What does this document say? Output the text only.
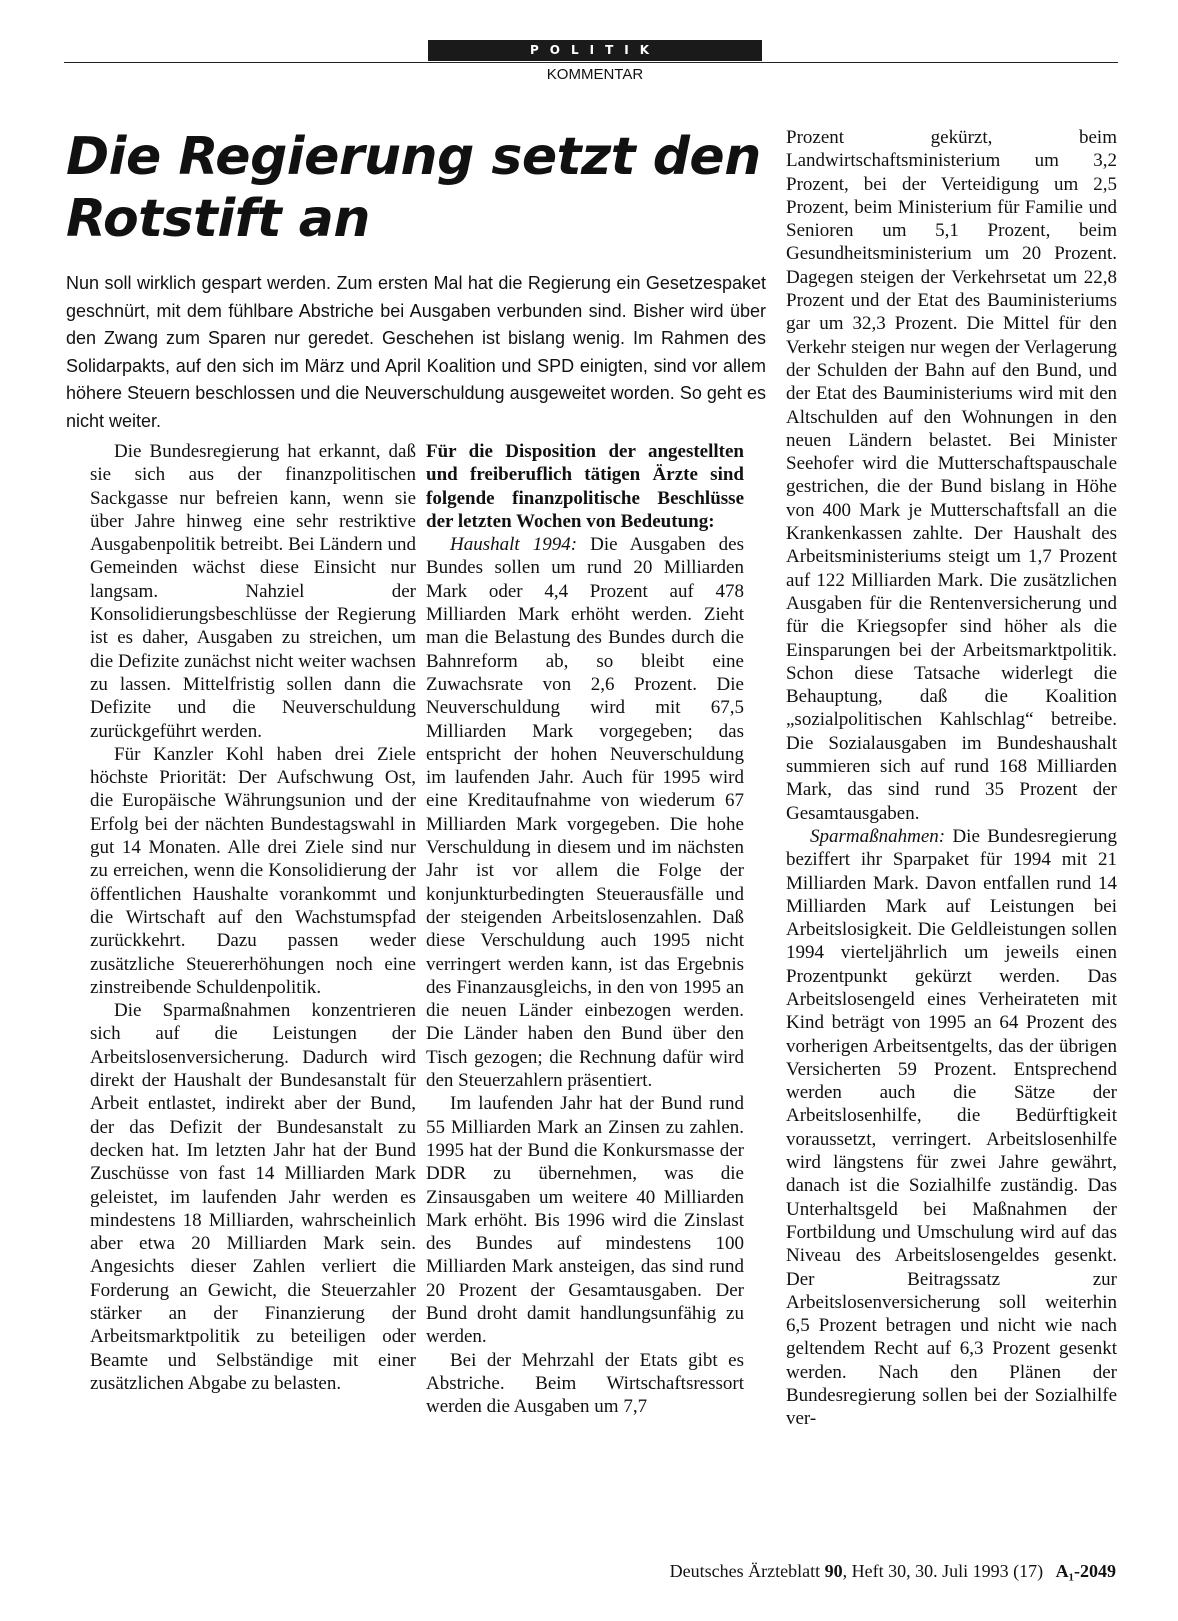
POLITIK
KOMMENTAR
Die Regierung setzt den Rotstift an

Nun soll wirklich gespart werden. Zum ersten Mal hat die Regierung ein Gesetzespaket geschnürt, mit dem fühlbare Abstriche bei Ausgaben verbunden sind. Bisher wird über den Zwang zum Sparen nur geredet. Geschehen ist bislang wenig. Im Rahmen des Solidarpakts, auf den sich im März und April Koalition und SPD einigten, sind vor allem höhere Steuern beschlossen und die Neuverschuldung ausgeweitet worden. So geht es nicht weiter.

Die Bundesregierung hat erkannt, daß sie sich aus der finanzpolitischen Sackgasse nur befreien kann, wenn sie über Jahre hinweg eine sehr restriktive Ausgabenpolitik betreibt. Bei Ländern und Gemeinden wächst diese Einsicht nur langsam. Nahziel der Konsolidierungsbeschlüsse der Regierung ist es daher, Ausgaben zu streichen, um die Defizite zunächst nicht weiter wachsen zu lassen. Mittelfristig sollen dann die Defizite und die Neuverschuldung zurückgeführt werden.

Für Kanzler Kohl haben drei Ziele höchste Priorität: Der Aufschwung Ost, die Europäische Währungsunion und der Erfolg bei der nächten Bundestagswahl in gut 14 Monaten. Alle drei Ziele sind nur zu erreichen, wenn die Konsolidierung der öffentlichen Haushalte vorankommt und die Wirtschaft auf den Wachstumspfad zurückkehrt. Dazu passen weder zusätzliche Steuererhöhungen noch eine zinstreibende Schuldenpolitik.

Die Sparmaßnahmen konzentrieren sich auf die Leistungen der Arbeitslosenversicherung. Dadurch wird direkt der Haushalt der Bundesanstalt für Arbeit entlastet, indirekt aber der Bund, der das Defizit der Bundesanstalt zu decken hat. Im letzten Jahr hat der Bund Zuschüsse von fast 14 Milliarden Mark geleistet, im laufenden Jahr werden es mindestens 18 Milliarden, wahrscheinlich aber etwa 20 Milliarden Mark sein. Angesichts dieser Zahlen verliert die Forderung an Gewicht, die Steuerzahler stärker an der Finanzierung der Arbeitsmarktpolitik zu beteiligen oder Beamte und Selbständige mit einer zusätzlichen Abgabe zu belasten.

Für die Disposition der angestellten und freiberuflich tätigen Ärzte sind folgende finanzpolitische Beschlüsse der letzten Wochen von Bedeutung:

Haushalt 1994: Die Ausgaben des Bundes sollen um rund 20 Milliarden Mark oder 4,4 Prozent auf 478 Milliarden Mark erhöht werden. Zieht man die Belastung des Bundes durch die Bahnreform ab, so bleibt eine Zuwachsrate von 2,6 Prozent. Die Neuverschuldung wird mit 67,5 Milliarden Mark vorgegeben; das entspricht der hohen Neuverschuldung im laufenden Jahr. Auch für 1995 wird eine Kreditaufnahme von wiederum 67 Milliarden Mark vorgegeben. Die hohe Verschuldung in diesem und im nächsten Jahr ist vor allem die Folge der konjunkturbedingten Steuerausfälle und der steigenden Arbeitslosenzahlen. Daß diese Verschuldung auch 1995 nicht verringert werden kann, ist das Ergebnis des Finanzausgleichs, in den von 1995 an die neuen Länder einbezogen werden. Die Länder haben den Bund über den Tisch gezogen; die Rechnung dafür wird den Steuerzahlern präsentiert.

Im laufenden Jahr hat der Bund rund 55 Milliarden Mark an Zinsen zu zahlen. 1995 hat der Bund die Konkursmasse der DDR zu übernehmen, was die Zinsausgaben um weitere 40 Milliarden Mark erhöht. Bis 1996 wird die Zinslast des Bundes auf mindestens 100 Milliarden Mark ansteigen, das sind rund 20 Prozent der Gesamtausgaben. Der Bund droht damit handlungsunfähig zu werden.

Bei der Mehrzahl der Etats gibt es Abstriche. Beim Wirtschaftsressort werden die Ausgaben um 7,7

Prozent gekürzt, beim Landwirtschaftsministerium um 3,2 Prozent, bei der Verteidigung um 2,5 Prozent, beim Ministerium für Familie und Senioren um 5,1 Prozent, beim Gesundheitsministerium um 20 Prozent. Dagegen steigen der Verkehrsetat um 22,8 Prozent und der Etat des Bauministeriums gar um 32,3 Prozent. Die Mittel für den Verkehr steigen nur wegen der Verlagerung der Schulden der Bahn auf den Bund, und der Etat des Bauministeriums wird mit den Altschulden auf den Wohnungen in den neuen Ländern belastet. Bei Minister Seehofer wird die Mutterschaftspauschale gestrichen, die der Bund bislang in Höhe von 400 Mark je Mutterschaftsfall an die Krankenkassen zahlte. Der Haushalt des Arbeitsministeriums steigt um 1,7 Prozent auf 122 Milliarden Mark. Die zusätzlichen Ausgaben für die Rentenversicherung und für die Kriegsopfer sind höher als die Einsparungen bei der Arbeitsmarktpolitik. Schon diese Tatsache widerlegt die Behauptung, daß die Koalition „sozialpolitischen Kahlschlag“ betreibe. Die Sozialausgaben im Bundeshaushalt summieren sich auf rund 168 Milliarden Mark, das sind rund 35 Prozent der Gesamtausgaben.

Sparmaßnahmen: Die Bundesregierung beziffert ihr Sparpaket für 1994 mit 21 Milliarden Mark. Davon entfallen rund 14 Milliarden Mark auf Leistungen bei Arbeitslosigkeit. Die Geldleistungen sollen 1994 vierteljährlich um jeweils einen Prozentpunkt gekürzt werden. Das Arbeitslosengeld eines Verheirateten mit Kind beträgt von 1995 an 64 Prozent des vorherigen Arbeitsentgelts, das der übrigen Versicherten 59 Prozent. Entsprechend werden auch die Sätze der Arbeitslosenhilfe, die Bedürftigkeit voraussetzt, verringert. Arbeitslosenhilfe wird längstens für zwei Jahre gewährt, danach ist die Sozialhilfe zuständig. Das Unterhaltsgeld bei Maßnahmen der Fortbildung und Umschulung wird auf das Niveau des Arbeitslosengeldes gesenkt. Der Beitragssatz zur Arbeitslosenversicherung soll weiterhin 6,5 Prozent betragen und nicht wie nach geltendem Recht auf 6,3 Prozent gesenkt werden. Nach den Plänen der Bundesregierung sollen bei der Sozialhilfe ver-

Deutsches Ärzteblatt 90, Heft 30, 30. Juli 1993 (17) A₁-2049
